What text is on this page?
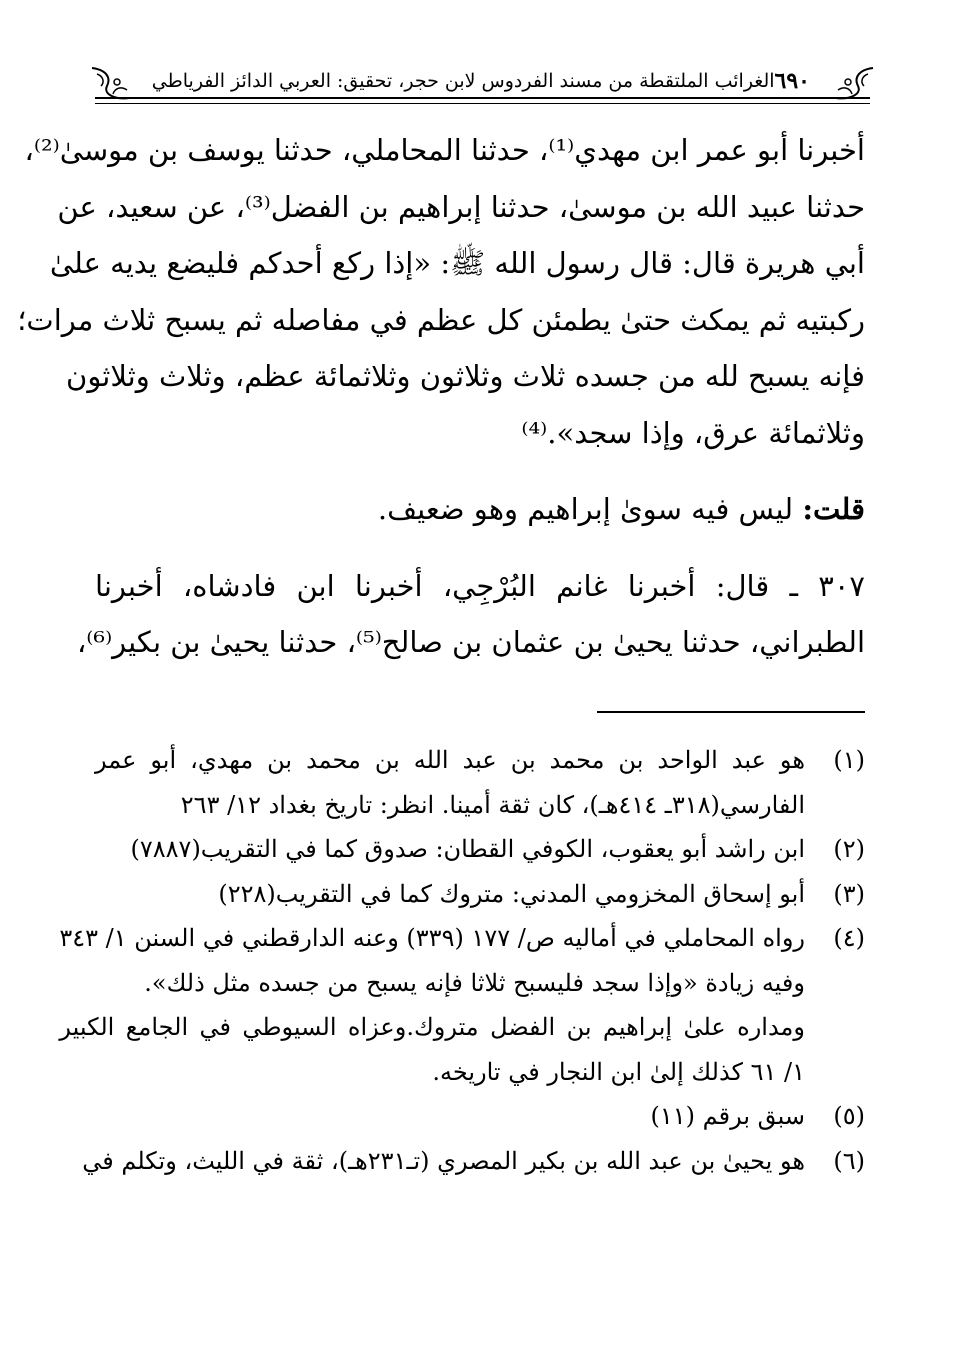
٦٩٠
الغرائب الملتقطة من مسند الفردوس لابن حجر، تحقيق: العربي الدائز الفرياطي

أخبرنا أبو عمر ابن مهدي⁽¹⁾، حدثنا المحاملي، حدثنا يوسف بن موسىٰ⁽²⁾،
حدثنا عبيد الله بن موسىٰ، حدثنا إبراهيم بن الفضل⁽³⁾، عن سعيد، عن
أبي هريرة قال: قال رسول الله ﷺ: «إذا ركع أحدكم فليضع يديه علىٰ
ركبتيه ثم يمكث حتىٰ يطمئن كل عظم في مفاصله ثم يسبح ثلاث مرات؛
فإنه يسبح لله من جسده ثلاث وثلاثون وثلاثمائة عظم، وثلاث وثلاثون
وثلاثمائة عرق، وإذا سجد».⁽⁴⁾

قلت: ليس فيه سوىٰ إبراهيم وهو ضعيف.

٣٠٧ ـ قال: أخبرنا غانم البُرْجِي، أخبرنا ابن فادشاه، أخبرنا
الطبراني، حدثنا يحيىٰ بن عثمان بن صالح⁽⁵⁾، حدثنا يحيىٰ بن بكير⁽⁶⁾،

(١)
هو عبد الواحد بن محمد بن عبد الله بن محمد بن مهدي، أبو عمر
الفارسي(٣١٨ـ ٤١٤هـ)، كان ثقة أمينا. انظر: تاريخ بغداد ١٢/ ٢٦٣
(٢)
ابن راشد أبو يعقوب، الكوفي القطان: صدوق كما في التقريب(٧٨٨٧)
(٣)
أبو إسحاق المخزومي المدني: متروك كما في التقريب(٢٢٨)
(٤)
رواه المحاملي في أماليه ص/ ١٧٧ (٣٣٩) وعنه الدارقطني في السنن ١/ ٣٤٣
وفيه زيادة «وإذا سجد فليسبح ثلاثا فإنه يسبح من جسده مثل ذلك».
ومداره علىٰ إبراهيم بن الفضل متروك.وعزاه السيوطي في الجامع الكبير
١/ ٦١ كذلك إلىٰ ابن النجار في تاريخه.
(٥)
سبق برقم (١١)
(٦)
هو يحيىٰ بن عبد الله بن بكير المصري (تـ٢٣١هـ)، ثقة في الليث، وتكلم في
